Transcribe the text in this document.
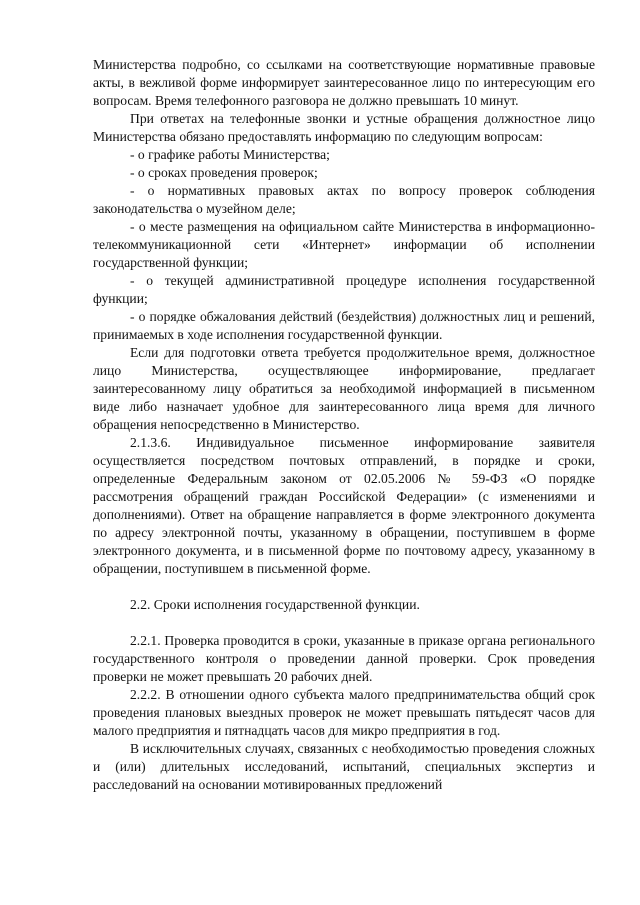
Министерства подробно, со ссылками на соответствующие нормативные правовые акты, в вежливой форме информирует заинтересованное лицо по интересующим его вопросам. Время телефонного разговора не должно превышать 10 минут.

При ответах на телефонные звонки и устные обращения должностное лицо Министерства обязано предоставлять информацию по следующим вопросам:

- о графике работы Министерства;

- о сроках проведения проверок;

- о нормативных правовых актах по вопросу проверок соблюдения законодательства о музейном деле;

- о месте размещения на официальном сайте Министерства в информационно-телекоммуникационной сети «Интернет» информации об исполнении государственной функции;

- о текущей административной процедуре исполнения государственной функции;

- о порядке обжалования действий (бездействия) должностных лиц и решений, принимаемых в ходе исполнения государственной функции.

Если для подготовки ответа требуется продолжительное время, должностное лицо Министерства, осуществляющее информирование, предлагает заинтересованному лицу обратиться за необходимой информацией в письменном виде либо назначает удобное для заинтересованного лица время для личного обращения непосредственно в Министерство.

2.1.3.6. Индивидуальное письменное информирование заявителя осуществляется посредством почтовых отправлений, в порядке и сроки, определенные Федеральным законом от 02.05.2006 № 59-ФЗ «О порядке рассмотрения обращений граждан Российской Федерации» (с изменениями и дополнениями). Ответ на обращение направляется в форме электронного документа по адресу электронной почты, указанному в обращении, поступившем в форме электронного документа, и в письменной форме по почтовому адресу, указанному в обращении, поступившем в письменной форме.

2.2. Сроки исполнения государственной функции.

2.2.1. Проверка проводится в сроки, указанные в приказе органа регионального государственного контроля о проведении данной проверки. Срок проведения проверки не может превышать 20 рабочих дней.

2.2.2. В отношении одного субъекта малого предпринимательства общий срок проведения плановых выездных проверок не может превышать пятьдесят часов для малого предприятия и пятнадцать часов для микро предприятия в год.

В исключительных случаях, связанных с необходимостью проведения сложных и (или) длительных исследований, испытаний, специальных экспертиз и расследований на основании мотивированных предложений
